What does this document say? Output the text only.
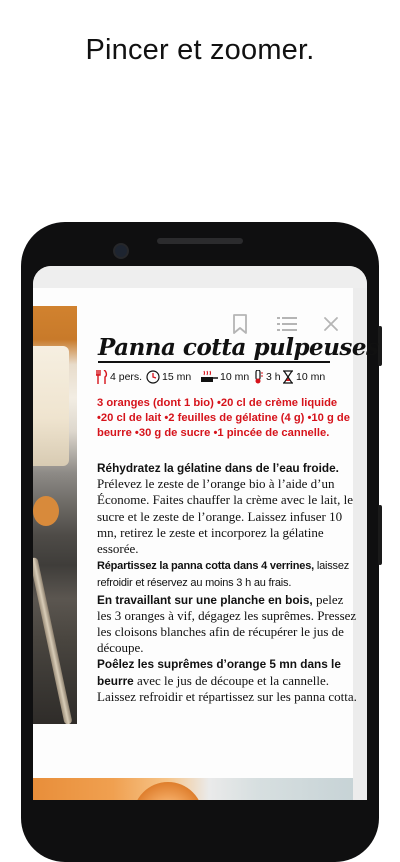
Pincer et zoomer.
Panna cotta pulpeuses
4 pers. 15 mn	10 mn 3 h 10 mn
3 oranges (dont 1 bio) •20 cl de crème liquide •20 cl de lait •2 feuilles de gélatine (4 g) •10 g de beurre •30 g de sucre •1 pincée de cannelle.

Réhydratez la gélatine dans de l’eau froide. Prélevez le zeste de l’orange bio à l’aide d’un Économe. Faites chauffer la crème avec le lait, le sucre et le zeste de l’orange. Laissez infuser 10 mn, retirez le zeste et incorporez la gélatine essorée.

Répartissez la panna cotta dans 4 verrines, laissez refroidir et réservez au moins 3 h au frais.

En travaillant sur une planche en bois, pelez les 3 oranges à vif, dégagez les suprêmes. Pressez les cloisons blanches afin de récupérer le jus de découpe.

Poêlez les suprêmes d’orange 5 mn dans le beurre avec le jus de découpe et la cannelle. Laissez refroidir et répartissez sur les panna cotta.
